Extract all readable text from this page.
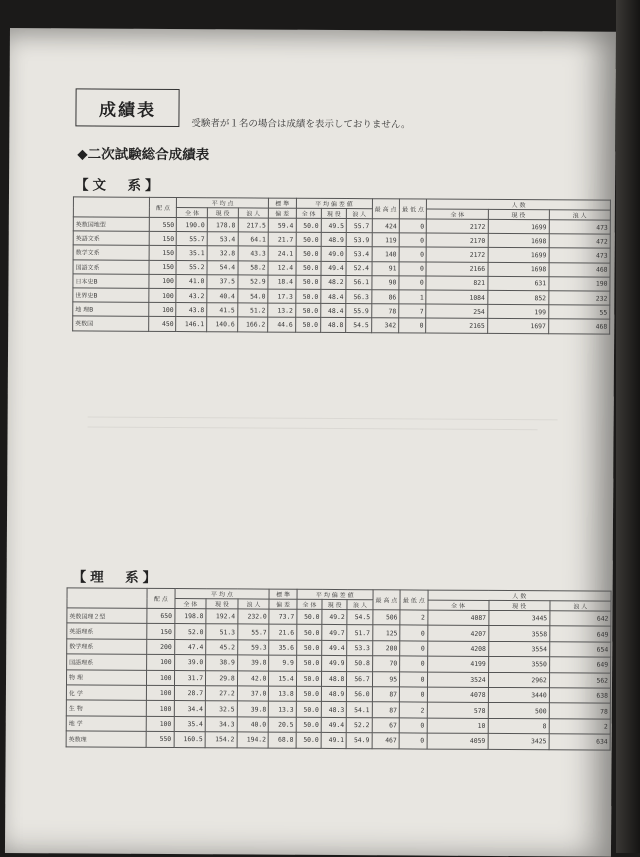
成績表
受験者が１名の場合は成績を表示しておりません。
◆二次試験総合成績表
【文　系】
	配 点	平 均 点			標 準	平 均 偏 差 値			最 高 点	最 低 点	人 数		
		全 体	現 役	浪 人	偏 差	全 体	現 役	浪 人			全 体	現 役	浪 人
英数国地型	550	190.0	178.8	217.5	59.4	50.0	49.5	55.7	424	0	2172	1699	473
英語文系	150	55.7	53.4	64.1	21.7	50.0	48.9	53.9	119	0	2170	1698	472
数学文系	150	35.1	32.8	43.3	24.1	50.0	49.0	53.4	140	0	2172	1699	473
国語文系	150	55.2	54.4	58.2	12.4	50.0	49.4	52.4	91	0	2166	1698	468
日本史B	100	41.0	37.5	52.9	18.4	50.0	48.2	56.1	90	0	821	631	190
世界史B	100	43.2	40.4	54.0	17.3	50.0	48.4	56.3	86	1	1084	852	232
地 理B	100	43.8	41.5	51.2	13.2	50.0	48.4	55.9	78	7	254	199	55
英数国	450	146.1	140.6	166.2	44.6	50.0	48.8	54.5	342	0	2165	1697	468
【理　系】
	配 点	平 均 点			標 準	平 均 偏 差 値			最 高 点	最 低 点	人 数		
		全 体	現 役	浪 人	偏 差	全 体	現 役	浪 人			全 体	現 役	浪 人
英数国理２型	650	198.8	192.4	232.0	73.7	50.0	49.2	54.5	506	2	4087	3445	642
英語理系	150	52.0	51.3	55.7	21.6	50.0	49.7	51.7	125	0	4207	3558	649
数学理系	200	47.4	45.2	59.3	35.6	50.0	49.4	53.3	200	0	4208	3554	654
国語理系	100	39.0	38.9	39.8	9.9	50.0	49.9	50.8	70	0	4199	3550	649
物 理	100	31.7	29.8	42.0	15.4	50.0	48.8	56.7	95	0	3524	2962	562
化 学	100	28.7	27.2	37.0	13.8	50.0	48.9	56.0	87	0	4078	3440	638
生 物	100	34.4	32.5	39.8	13.3	50.0	48.3	54.1	87	2	578	500	78
地 学	100	35.4	34.3	40.0	20.5	50.0	49.4	52.2	67	0	10	8	2
英数理	550	160.5	154.2	194.2	68.8	50.0	49.1	54.9	467	0	4059	3425	634
